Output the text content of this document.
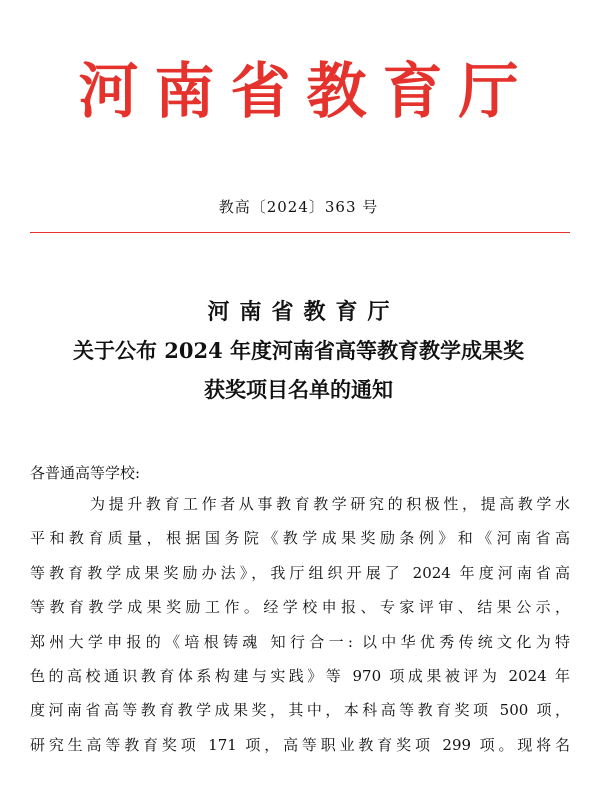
河南省教育厅
教高〔2024〕363 号
河南省教育厅
关于公布 2024 年度河南省高等教育教学成果奖
获奖项目名单的通知
各普通高等学校:
为提升教育工作者从事教育教学研究的积极性，提高教学水
平和教育质量，根据国务院《教学成果奖励条例》和《河南省高
等教育教学成果奖励办法》，我厅组织开展了 2024 年度河南省高
等教育教学成果奖励工作。经学校申报、专家评审、结果公示，
郑州大学申报的《培根铸魂 知行合一: 以中华优秀传统文化为特
色的高校通识教育体系构建与实践》等 970 项成果被评为 2024 年
度河南省高等教育教学成果奖，其中，本科高等教育奖项 500 项，
研究生高等教育奖项 171 项，高等职业教育奖项 299 项。现将名
